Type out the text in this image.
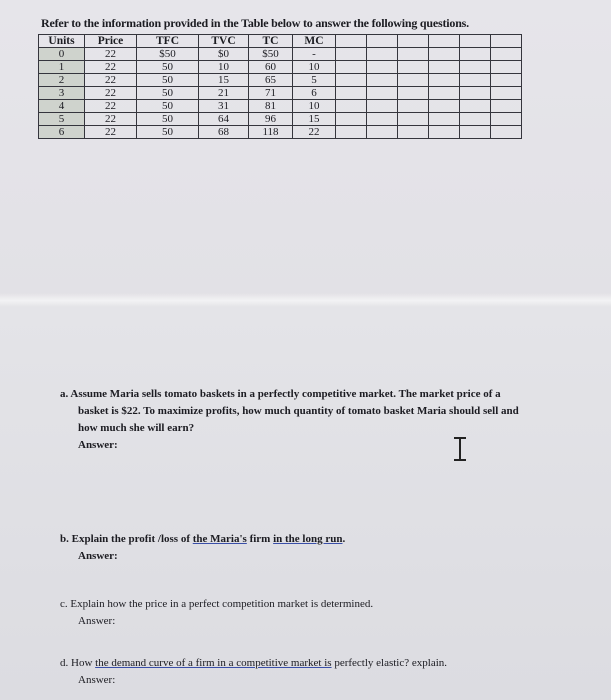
Refer to the information provided in the Table below to answer the following questions.
Units	Price	TFC	TVC	TC	MC						
0	22	$50	$0	$50	-						
1	22	50	10	60	10						
2	22	50	15	65	5						
3	22	50	21	71	6						
4	22	50	31	81	10						
5	22	50	64	96	15						
6	22	50	68	118	22						
a. Assume Maria sells tomato baskets in a perfectly competitive market. The market price of a
basket is $22. To maximize profits, how much quantity of tomato basket Maria should sell and
how much she will earn?
Answer:
b. Explain the profit /loss of the Maria's firm in the long run.
Answer:
c. Explain how the price in a perfect competition market is determined.
Answer:
d. How the demand curve of a firm in a competitive market is perfectly elastic? explain.
Answer:
